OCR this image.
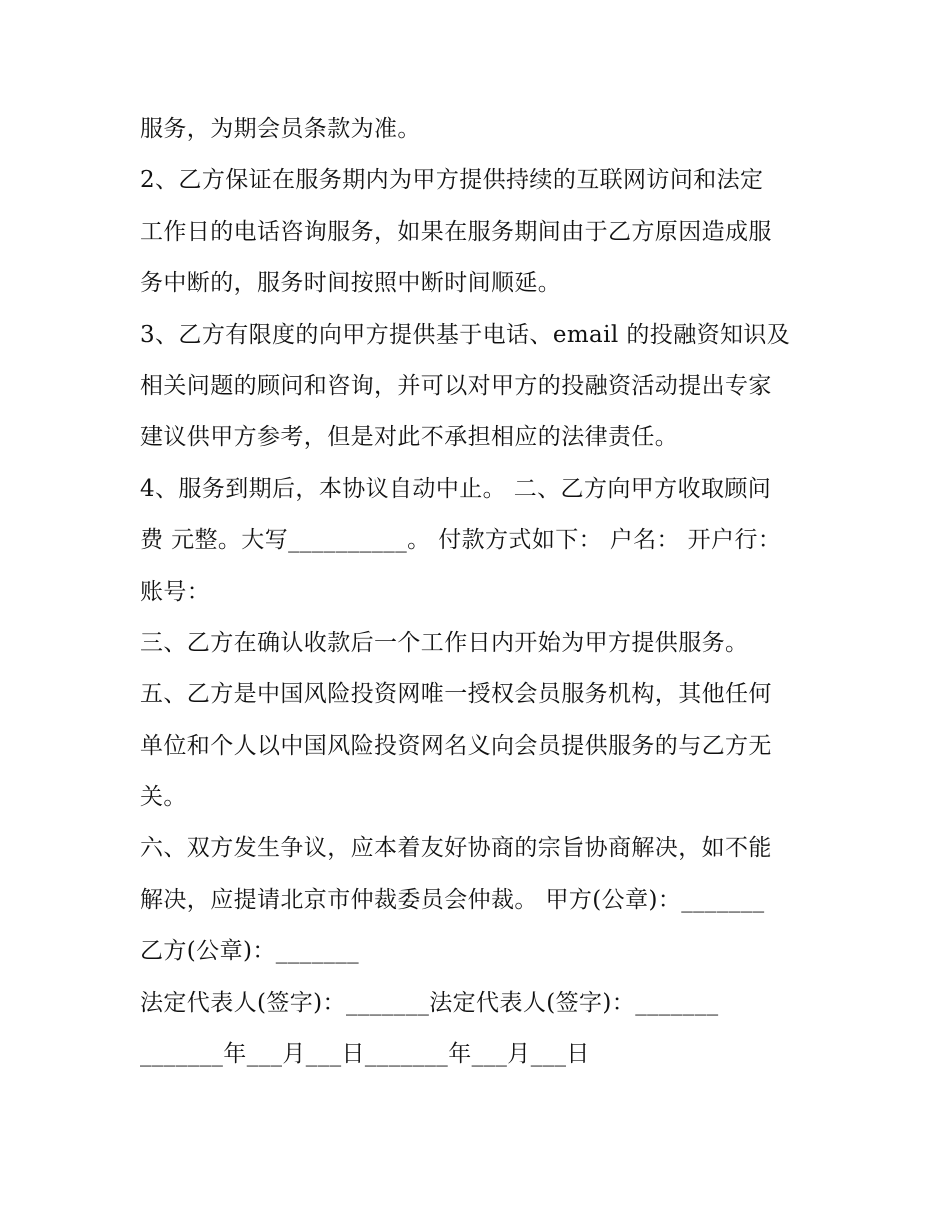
服务，为期会员条款为准。
2、乙方保证在服务期内为甲方提供持续的互联网访问和法定
工作日的电话咨询服务，如果在服务期间由于乙方原因造成服
务中断的，服务时间按照中断时间顺延。
3、乙方有限度的向甲方提供基于电话、email 的投融资知识及
相关问题的顾问和咨询，并可以对甲方的投融资活动提出专家
建议供甲方参考，但是对此不承担相应的法律责任。
4、服务到期后，本协议自动中止。 二、乙方向甲方收取顾问
费 元整。大写__________。 付款方式如下： 户名： 开户行：
账号：
三、乙方在确认收款后一个工作日内开始为甲方提供服务。
五、乙方是中国风险投资网唯一授权会员服务机构，其他任何
单位和个人以中国风险投资网名义向会员提供服务的与乙方无
关。
六、双方发生争议，应本着友好协商的宗旨协商解决，如不能
解决，应提请北京市仲裁委员会仲裁。 甲方(公章)：_______
乙方(公章)：_______
法定代表人(签字)：_______法定代表人(签字)：_______
_______年___月___日_______年___月___日
